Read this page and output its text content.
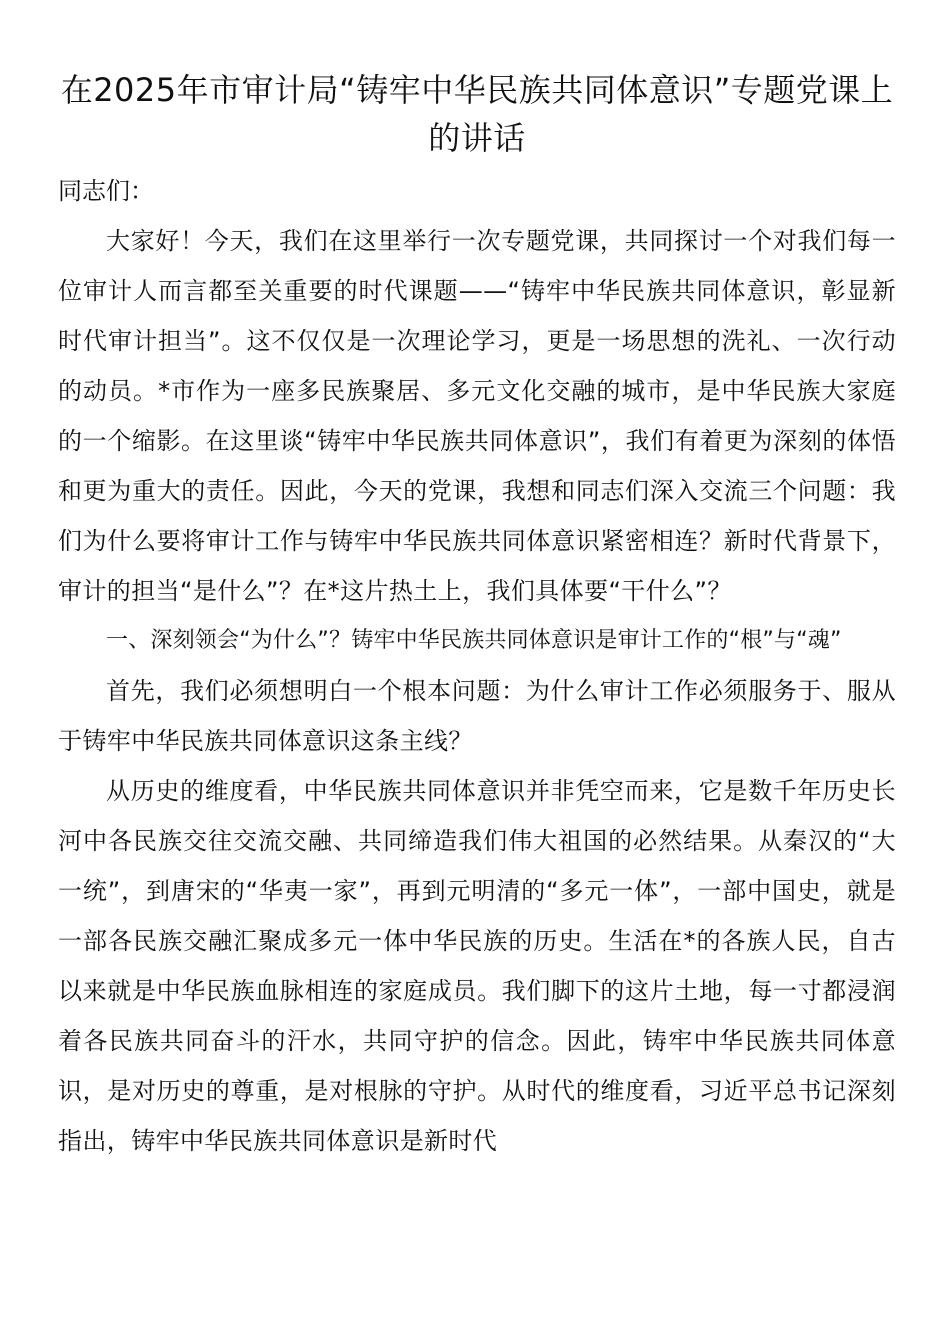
在2025年市审计局“铸牢中华民族共同体意识”专题党课上的讲话

同志们：

大家好！今天，我们在这里举行一次专题党课，共同探讨一个对我们每一位审计人而言都至关重要的时代课题——“铸牢中华民族共同体意识，彰显新时代审计担当”。这不仅仅是一次理论学习，更是一场思想的洗礼、一次行动的动员。*市作为一座多民族聚居、多元文化交融的城市，是中华民族大家庭的一个缩影。在这里谈“铸牢中华民族共同体意识”，我们有着更为深刻的体悟和更为重大的责任。因此，今天的党课，我想和同志们深入交流三个问题：我们为什么要将审计工作与铸牢中华民族共同体意识紧密相连？新时代背景下，审计的担当“是什么”？在*这片热土上，我们具体要“干什么”？

一、深刻领会“为什么”？铸牢中华民族共同体意识是审计工作的“根”与“魂”

首先，我们必须想明白一个根本问题：为什么审计工作必须服务于、服从于铸牢中华民族共同体意识这条主线？

从历史的维度看，中华民族共同体意识并非凭空而来，它是数千年历史长河中各民族交往交流交融、共同缔造我们伟大祖国的必然结果。从秦汉的“大一统”，到唐宋的“华夷一家”，再到元明清的“多元一体”，一部中国史，就是一部各民族交融汇聚成多元一体中华民族的历史。生活在*的各族人民，自古以来就是中华民族血脉相连的家庭成员。我们脚下的这片土地，每一寸都浸润着各民族共同奋斗的汗水，共同守护的信念。因此，铸牢中华民族共同体意识，是对历史的尊重，是对根脉的守护。从时代的维度看，习近平总书记深刻指出，铸牢中华民族共同体意识是新时代
